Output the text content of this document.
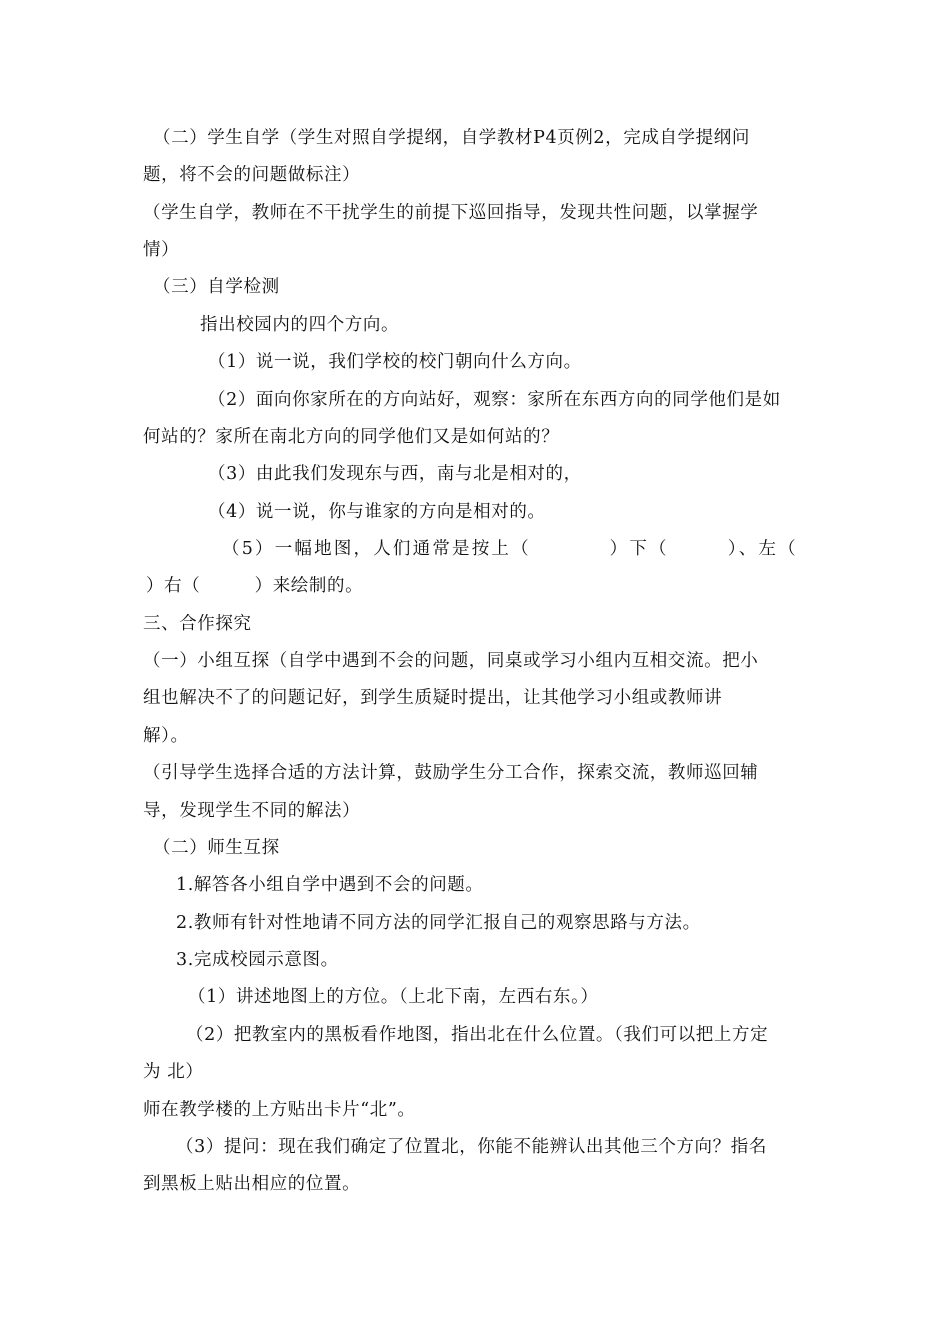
（二）学生自学（学生对照自学提纲，自学教材P4页例2，完成自学提纲问
题，将不会的问题做标注）
（学生自学，教师在不干扰学生的前提下巡回指导，发现共性问题，以掌握学
情）
（三）自学检测
指出校园内的四个方向。
（1）说一说，我们学校的校门朝向什么方向。
（2）面向你家所在的方向站好，观察：家所在东西方向的同学他们是如
何站的？家所在南北方向的同学他们又是如何站的？
（3）由此我们发现东与西，南与北是相对的，
（4）说一说，你与谁家的方向是相对的。
（5）一幅地图，人们通常是按上（　　　　）下（　　　）、左（
）右（　　　）来绘制的。
三、合作探究
（一）小组互探（自学中遇到不会的问题，同桌或学习小组内互相交流。把小
组也解决不了的问题记好，到学生质疑时提出，让其他学习小组或教师讲
解）。
（引导学生选择合适的方法计算，鼓励学生分工合作，探索交流，教师巡回辅
导，发现学生不同的解法）
（二）师生互探
1.解答各小组自学中遇到不会的问题。
2.教师有针对性地请不同方法的同学汇报自己的观察思路与方法。
3.完成校园示意图。
（1）讲述地图上的方位。（上北下南，左西右东。）
（2）把教室内的黑板看作地图，指出北在什么位置。（我们可以把上方定
为 北）
师在教学楼的上方贴出卡片“北”。
（3）提问：现在我们确定了位置北，你能不能辨认出其他三个方向？指名
到黑板上贴出相应的位置。
